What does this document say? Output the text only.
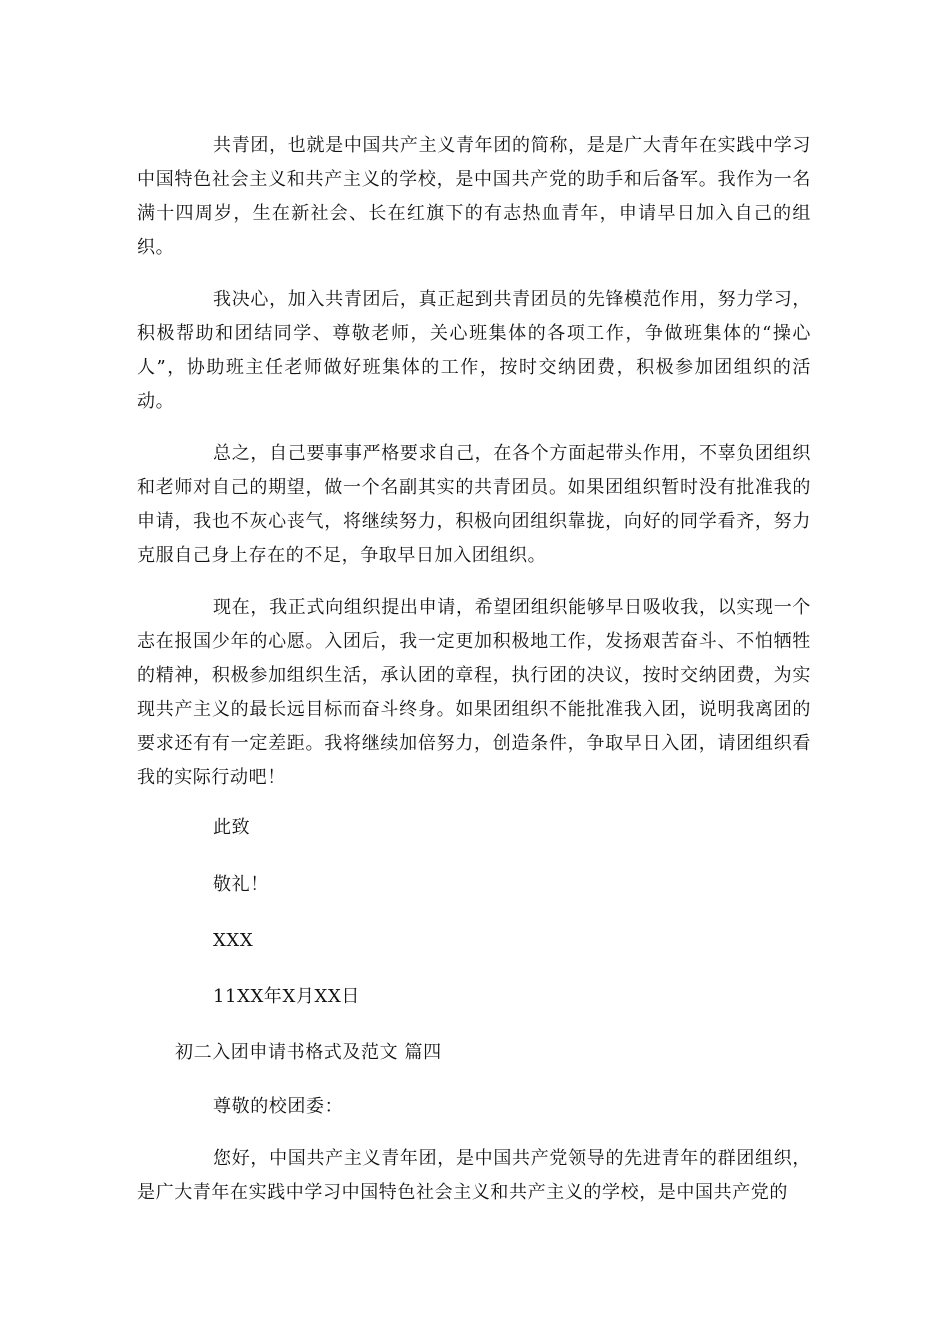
共青团，也就是中国共产主义青年团的简称，是是广大青年在实践中学习中国特色社会主义和共产主义的学校，是中国共产党的助手和后备军。我作为一名满十四周岁，生在新社会、长在红旗下的有志热血青年，申请早日加入自己的组织。

我决心，加入共青团后，真正起到共青团员的先锋模范作用，努力学习，积极帮助和团结同学、尊敬老师，关心班集体的各项工作，争做班集体的“操心人”，协助班主任老师做好班集体的工作，按时交纳团费，积极参加团组织的活动。

总之，自己要事事严格要求自己，在各个方面起带头作用，不辜负团组织和老师对自己的期望，做一个名副其实的共青团员。如果团组织暂时没有批准我的申请，我也不灰心丧气，将继续努力，积极向团组织靠拢，向好的同学看齐，努力克服自己身上存在的不足，争取早日加入团组织。

现在，我正式向组织提出申请，希望团组织能够早日吸收我，以实现一个志在报国少年的心愿。入团后，我一定更加积极地工作，发扬艰苦奋斗、不怕牺牲的精神，积极参加组织生活，承认团的章程，执行团的决议，按时交纳团费，为实现共产主义的最长远目标而奋斗终身。如果团组织不能批准我入团，说明我离团的要求还有有一定差距。我将继续加倍努力，创造条件，争取早日入团，请团组织看我的实际行动吧！

此致

敬礼！

XXX

11XX年X月XX日

初二入团申请书格式及范文 篇四

尊敬的校团委：

您好，中国共产主义青年团，是中国共产党领导的先进青年的群团组织，是广大青年在实践中学习中国特色社会主义和共产主义的学校，是中国共产党的
